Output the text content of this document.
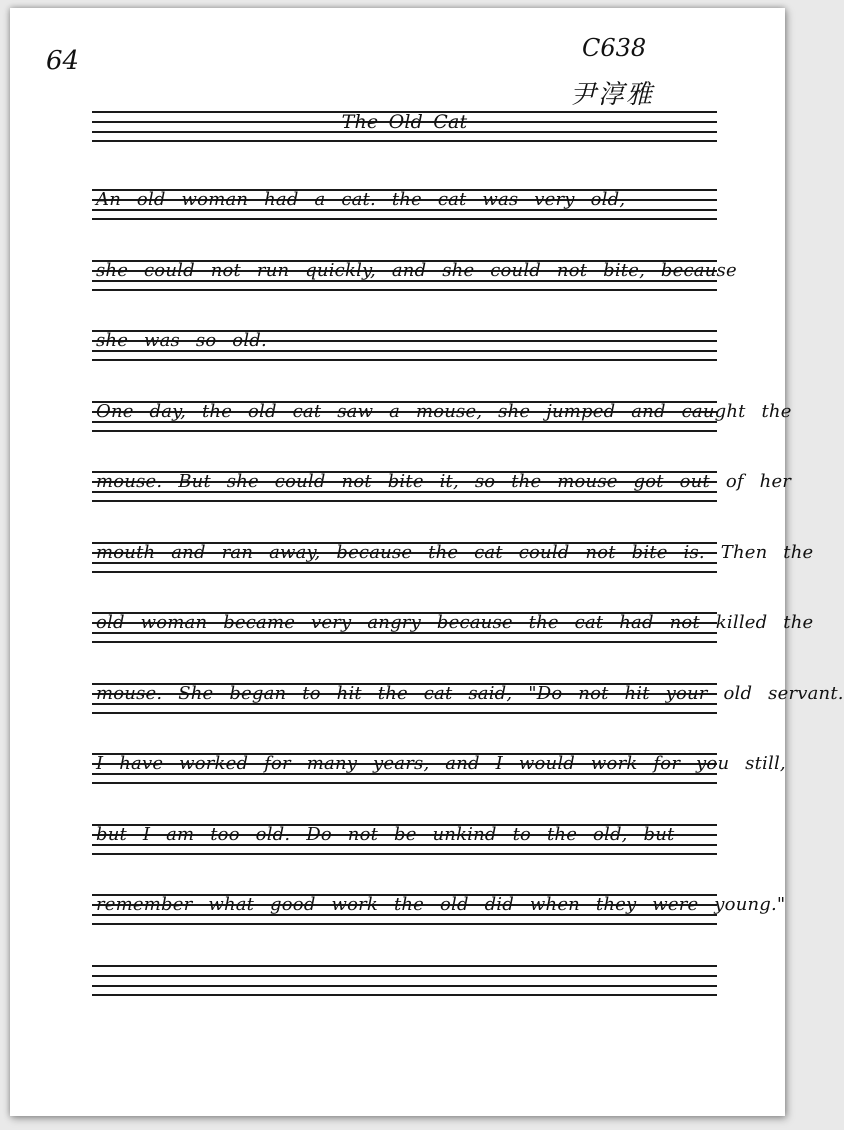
64	C638
尹淳雅
The Old Cat
An old woman had a cat. the cat was very old,
she could not run quickly, and she could not bite, because
she was so old.
One day, the old cat saw a mouse, she jumped and caught the
mouse. But she could not bite it, so the mouse got out of her
mouth and ran away, because the cat could not bite is. Then the
old woman became very angry because the cat had not killed the
mouse. She began to hit the cat said, "Do not hit your old servant.
I have worked for many years, and I would work for you still,
but I am too old. Do not be unkind to the old, but
remember what good work the old did when they were young."
